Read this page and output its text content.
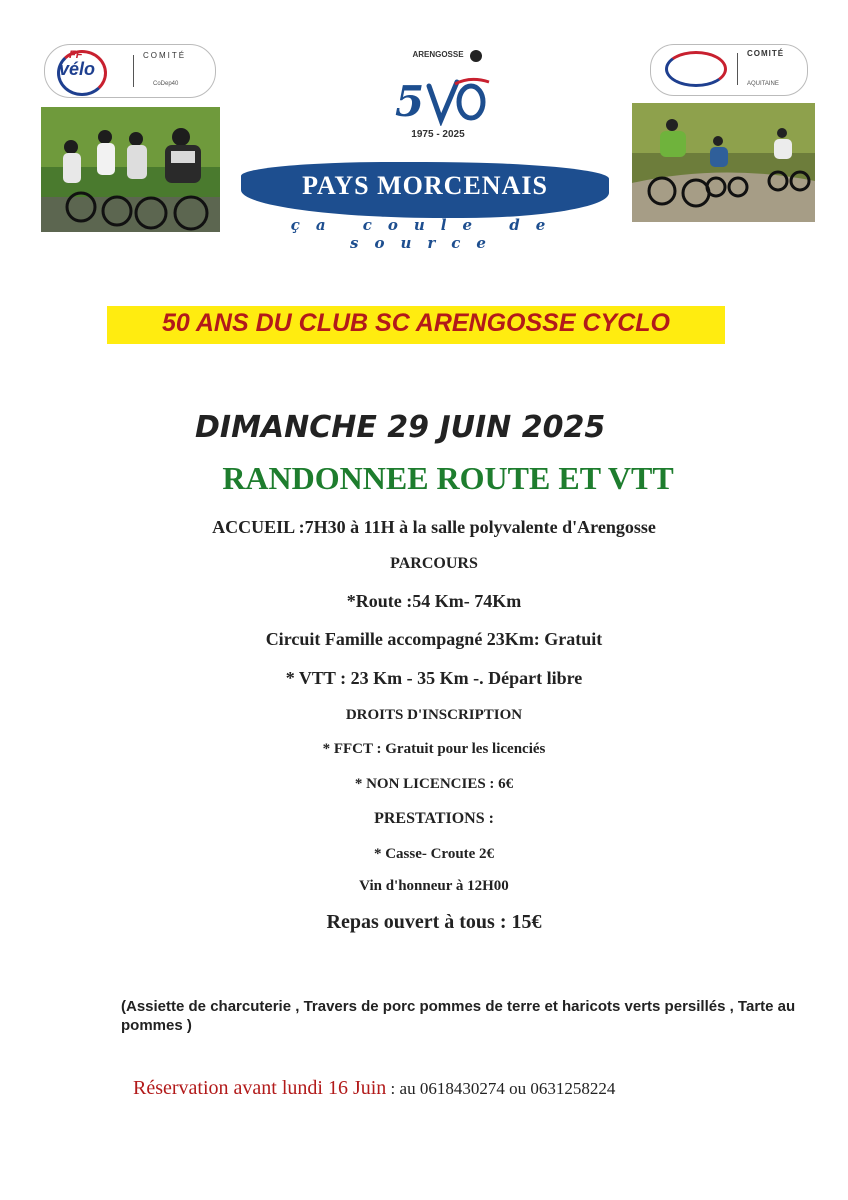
FF
vélo
COMITÉ
CoDep40
COMITÉ
AQUITAINE
ARENGOSSE
5
1975 - 2025
PAYS MORCENAIS
ça coule de source
50 ANS DU CLUB SC ARENGOSSE CYCLO
DIMANCHE 29 JUIN 2025
RANDONNEE ROUTE ET VTT
ACCUEIL :7H30 à 11H à la salle polyvalente d'Arengosse
PARCOURS
*Route :54 Km- 74Km
Circuit Famille accompagné 23Km: Gratuit
* VTT : 23 Km - 35 Km -. Départ libre
DROITS D'INSCRIPTION
* FFCT : Gratuit pour les licenciés
* NON LICENCIES : 6€
PRESTATIONS :
* Casse- Croute 2€
Vin d'honneur à 12H00
Repas ouvert à tous : 15€
(Assiette de charcuterie , Travers de porc pommes de terre et haricots verts persillés , Tarte au pommes )
Réservation avant lundi 16 Juin : au 0618430274 ou 0631258224
